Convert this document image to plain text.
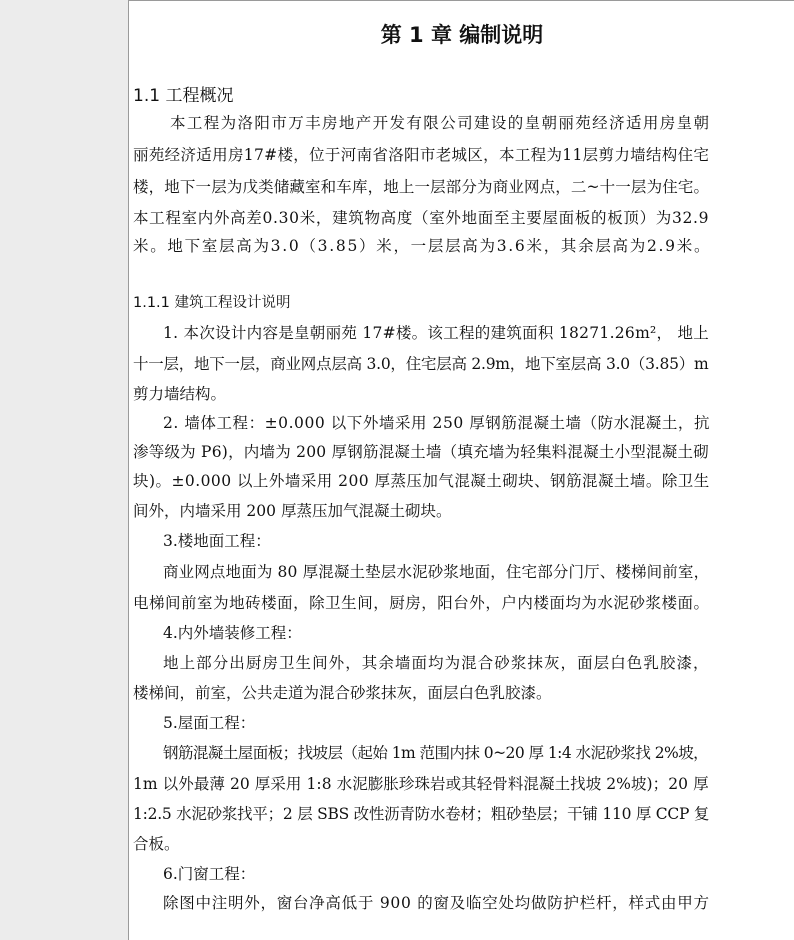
第 1 章 编制说明
1.1 工程概况
本工程为洛阳市万丰房地产开发有限公司建设的皇朝丽苑经济适用房皇朝
丽苑经济适用房17#楼，位于河南省洛阳市老城区，本工程为11层剪力墙结构住宅
楼，地下一层为戊类储藏室和车库，地上一层部分为商业网点，二~十一层为住宅。
本工程室内外高差0.30米，建筑物高度（室外地面至主要屋面板的板顶）为32.9
米。地下室层高为3.0（3.85）米，一层层高为3.6米，其余层高为2.9米。
1.1.1 建筑工程设计说明
1. 本次设计内容是皇朝丽苑 17#楼。该工程的建筑面积 18271.26m²， 地上
十一层，地下一层，商业网点层高 3.0，住宅层高 2.9m，地下室层高 3.0（3.85）m
剪力墙结构。
2. 墙体工程：±0.000 以下外墙采用 250 厚钢筋混凝土墙（防水混凝土，抗
渗等级为 P6)，内墙为 200 厚钢筋混凝土墙（填充墙为轻集料混凝土小型混凝土砌
块)。±0.000 以上外墙采用 200 厚蒸压加气混凝土砌块、钢筋混凝土墙。除卫生
间外，内墙采用 200 厚蒸压加气混凝土砌块。
3.楼地面工程：
商业网点地面为 80 厚混凝土垫层水泥砂浆地面，住宅部分门厅、楼梯间前室，
电梯间前室为地砖楼面，除卫生间，厨房，阳台外，户内楼面均为水泥砂浆楼面。
4.内外墙装修工程：
地上部分出厨房卫生间外，其余墙面均为混合砂浆抹灰，面层白色乳胶漆，
楼梯间，前室，公共走道为混合砂浆抹灰，面层白色乳胶漆。
5.屋面工程：
钢筋混凝土屋面板；找坡层（起始 1m 范围内抹 0~20 厚 1:4 水泥砂浆找 2%坡，
1m 以外最薄 20 厚采用 1:8 水泥膨胀珍珠岩或其轻骨料混凝土找坡 2%坡)；20 厚
1:2.5 水泥砂浆找平；2 层 SBS 改性沥青防水卷材；粗砂垫层；干铺 110 厚 CCP 复
合板。
6.门窗工程：
除图中注明外，窗台净高低于 900 的窗及临空处均做防护栏杆，样式由甲方
